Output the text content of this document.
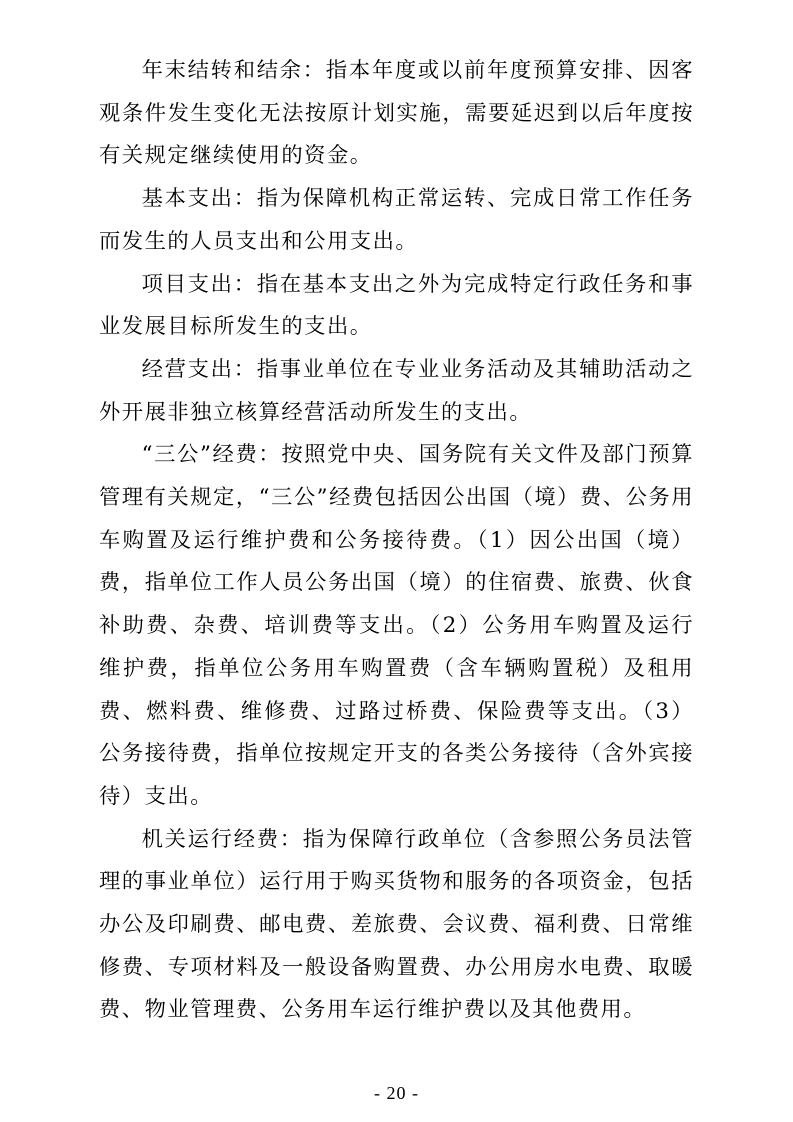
年末结转和结余：指本年度或以前年度预算安排、因客观条件发生变化无法按原计划实施，需要延迟到以后年度按有关规定继续使用的资金。

基本支出：指为保障机构正常运转、完成日常工作任务而发生的人员支出和公用支出。

项目支出：指在基本支出之外为完成特定行政任务和事业发展目标所发生的支出。

经营支出：指事业单位在专业业务活动及其辅助活动之外开展非独立核算经营活动所发生的支出。

“三公”经费：按照党中央、国务院有关文件及部门预算管理有关规定，“三公”经费包括因公出国（境）费、公务用车购置及运行维护费和公务接待费。（1）因公出国（境）费，指单位工作人员公务出国（境）的住宿费、旅费、伙食补助费、杂费、培训费等支出。（2）公务用车购置及运行维护费，指单位公务用车购置费（含车辆购置税）及租用费、燃料费、维修费、过路过桥费、保险费等支出。（3）公务接待费，指单位按规定开支的各类公务接待（含外宾接待）支出。

机关运行经费：指为保障行政单位（含参照公务员法管理的事业单位）运行用于购买货物和服务的各项资金，包括办公及印刷费、邮电费、差旅费、会议费、福利费、日常维修费、专项材料及一般设备购置费、办公用房水电费、取暖费、物业管理费、公务用车运行维护费以及其他费用。

- 20 -
